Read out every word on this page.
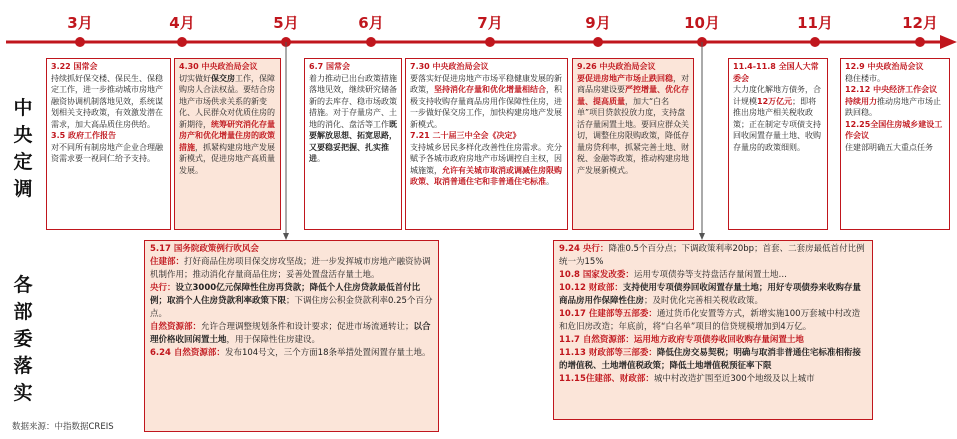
3月	4月	5月	6月	7月	9月	10月	11月	12月
中
央
定
调
各
部
委
落
实

3.22 国常会

持续抓好保交楼、保民生、保稳定工作，进一步推动城市房地产融资协调机制落地见效，系统谋划相关支持政策，有效激发潜在需求，加大高品质住房供给。

3.5 政府工作报告

对不同所有制房地产企业合理融资需求要一视同仁给予支持。

4.30 中央政治局会议

切实做好保交房工作，保障购房人合法权益。要结合房地产市场供求关系的新变化、人民群众对优质住房的新期待，统筹研究消化存量房产和优化增量住房的政策措施，抓紧构建房地产发展新模式，促进房地产高质量发展。

6.7 国常会

着力推动已出台政策措施落地见效，继续研究储备新的去库存、稳市场政策措施。对于存量房产、土地的消化、盘活等工作既要解放思想、拓宽思路，又要稳妥把握、扎实推进。

7.30 中央政治局会议

要落实好促进房地产市场平稳健康发展的新政策，坚持消化存量和优化增量相结合，积极支持收购存量商品房用作保障性住房，进一步做好保交房工作，加快构建房地产发展新模式。

7.21 二十届三中全会《决定》

支持城乡居民多样化改善性住房需求。充分赋予各城市政府房地产市场调控自主权，因城施策，允许有关城市取消或调减住房限购政策、取消普通住宅和非普通住宅标准。

9.26 中央政治局会议

要促进房地产市场止跌回稳，对商品房建设要严控增量、优化存量、提高质量，加大“白名单”项目贷款投放力度，支持盘活存量闲置土地。要回应群众关切，调整住房限购政策，降低存量房贷利率，抓紧完善土地、财税、金融等政策，推动构建房地产发展新模式。

11.4-11.8 全国人大常委会

大力度化解地方债务，合计规模12万亿元；即将推出房地产相关税收政策；正在制定专项债支持回收闲置存量土地、收购存量房的政策细则。

12.9 中央政治局会议

稳住楼市。

12.12 中央经济工作会议

持续用力推动房地产市场止跌回稳。

12.25全国住房城乡建设工作会议

住建部明确五大重点任务

5.17 国务院政策例行吹风会

住建部：打好商品住房项目保交房攻坚战；进一步发挥城市房地产融资协调机制作用；推动消化存量商品住房；妥善处置盘活存量土地。

央行：设立3000亿元保障性住房再贷款；降低个人住房贷款最低首付比例；取消个人住房贷款利率政策下限；下调住房公积金贷款利率0.25个百分点。

自然资源部：允许合理调整规划条件和设计要求；促进市场流通转让；以合理价格收回闲置土地，用于保障性住房建设。

6.24 自然资源部：发布104号文，三个方面18条举措处置闲置存量土地。

9.24 央行：降准0.5个百分点；下调政策利率20bp；首套、二套房最低首付比例统一为15%

10.8 国家发改委：运用专项债券等支持盘活存量闲置土地…

10.12 财政部：支持使用专项债券回收闲置存量土地；用好专项债券来收购存量商品房用作保障性住房；及时优化完善相关税收政策。

10.17 住建部等五部委：通过货币化安置等方式，新增实施100万套城中村改造和危旧房改造；年底前，将“白名单”项目的信贷规模增加到4万亿。

11.7 自然资源部：运用地方政府专项债券收回收购存量闲置土地

11.13 财政部等三部委：降低住房交易契税；明确与取消非普通住宅标准相衔接的增值税、土地增值税政策；降低土地增值税预征率下限

11.15住建部、财政部：城中村改造扩围至近300个地级及以上城市

数据来源：中指数据CREIS
